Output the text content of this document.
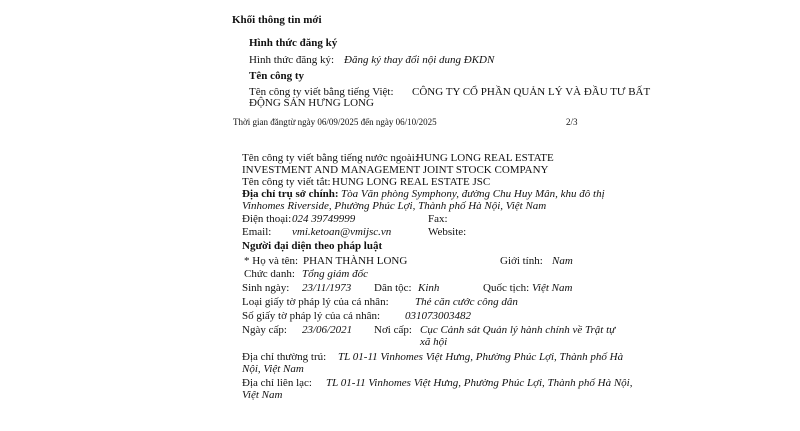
Khối thông tin mới
Hình thức đăng ký
Hình thức đăng ký: Đăng ký thay đổi nội dung ĐKDN
Tên công ty
Tên công ty viết bằng tiếng Việt: CÔNG TY CỔ PHẦN QUẢN LÝ VÀ ĐẦU TƯ BẤT
ĐỘNG SẢN HƯNG LONG
Thời gian đăng từ ngày 06/09/2025 đến ngày 06/10/2025	2/3
Tên công ty viết bằng tiếng nước ngoài:
HUNG LONG REAL ESTATE
INVESTMENT AND MANAGEMENT JOINT STOCK COMPANY
Tên công ty viết tắt: HUNG LONG REAL ESTATE JSC
Địa chỉ trụ sở chính: Tòa Văn phòng Symphony, đường Chu Huy Mân, khu đô thị
Vinhomes Riverside, Phường Phúc Lợi, Thành phố Hà Nội, Việt Nam
Điện thoại: 024 39749999	Fax:
Email: vmi.ketoan@vmijsc.vn	Website:
Người đại diện theo pháp luật
* Họ và tên: PHAN THÀNH LONG	Giới tính: Nam
Chức danh: Tổng giám đốc
Sinh ngày: 23/11/1973 Dân tộc: Kinh	Quốc tịch: Việt Nam
Loại giấy tờ pháp lý của cá nhân: Thẻ căn cước công dân
Số giấy tờ pháp lý của cá nhân: 031073003482
Ngày cấp: 23/06/2021 Nơi cấp: Cục Cảnh sát Quản lý hành chính về Trật tự
xã hội
Địa chỉ thường trú: TL 01-11 Vinhomes Việt Hưng, Phường Phúc Lợi, Thành phố Hà
Nội, Việt Nam
Địa chỉ liên lạc: TL 01-11 Vinhomes Việt Hưng, Phường Phúc Lợi, Thành phố Hà Nội,
Việt Nam
